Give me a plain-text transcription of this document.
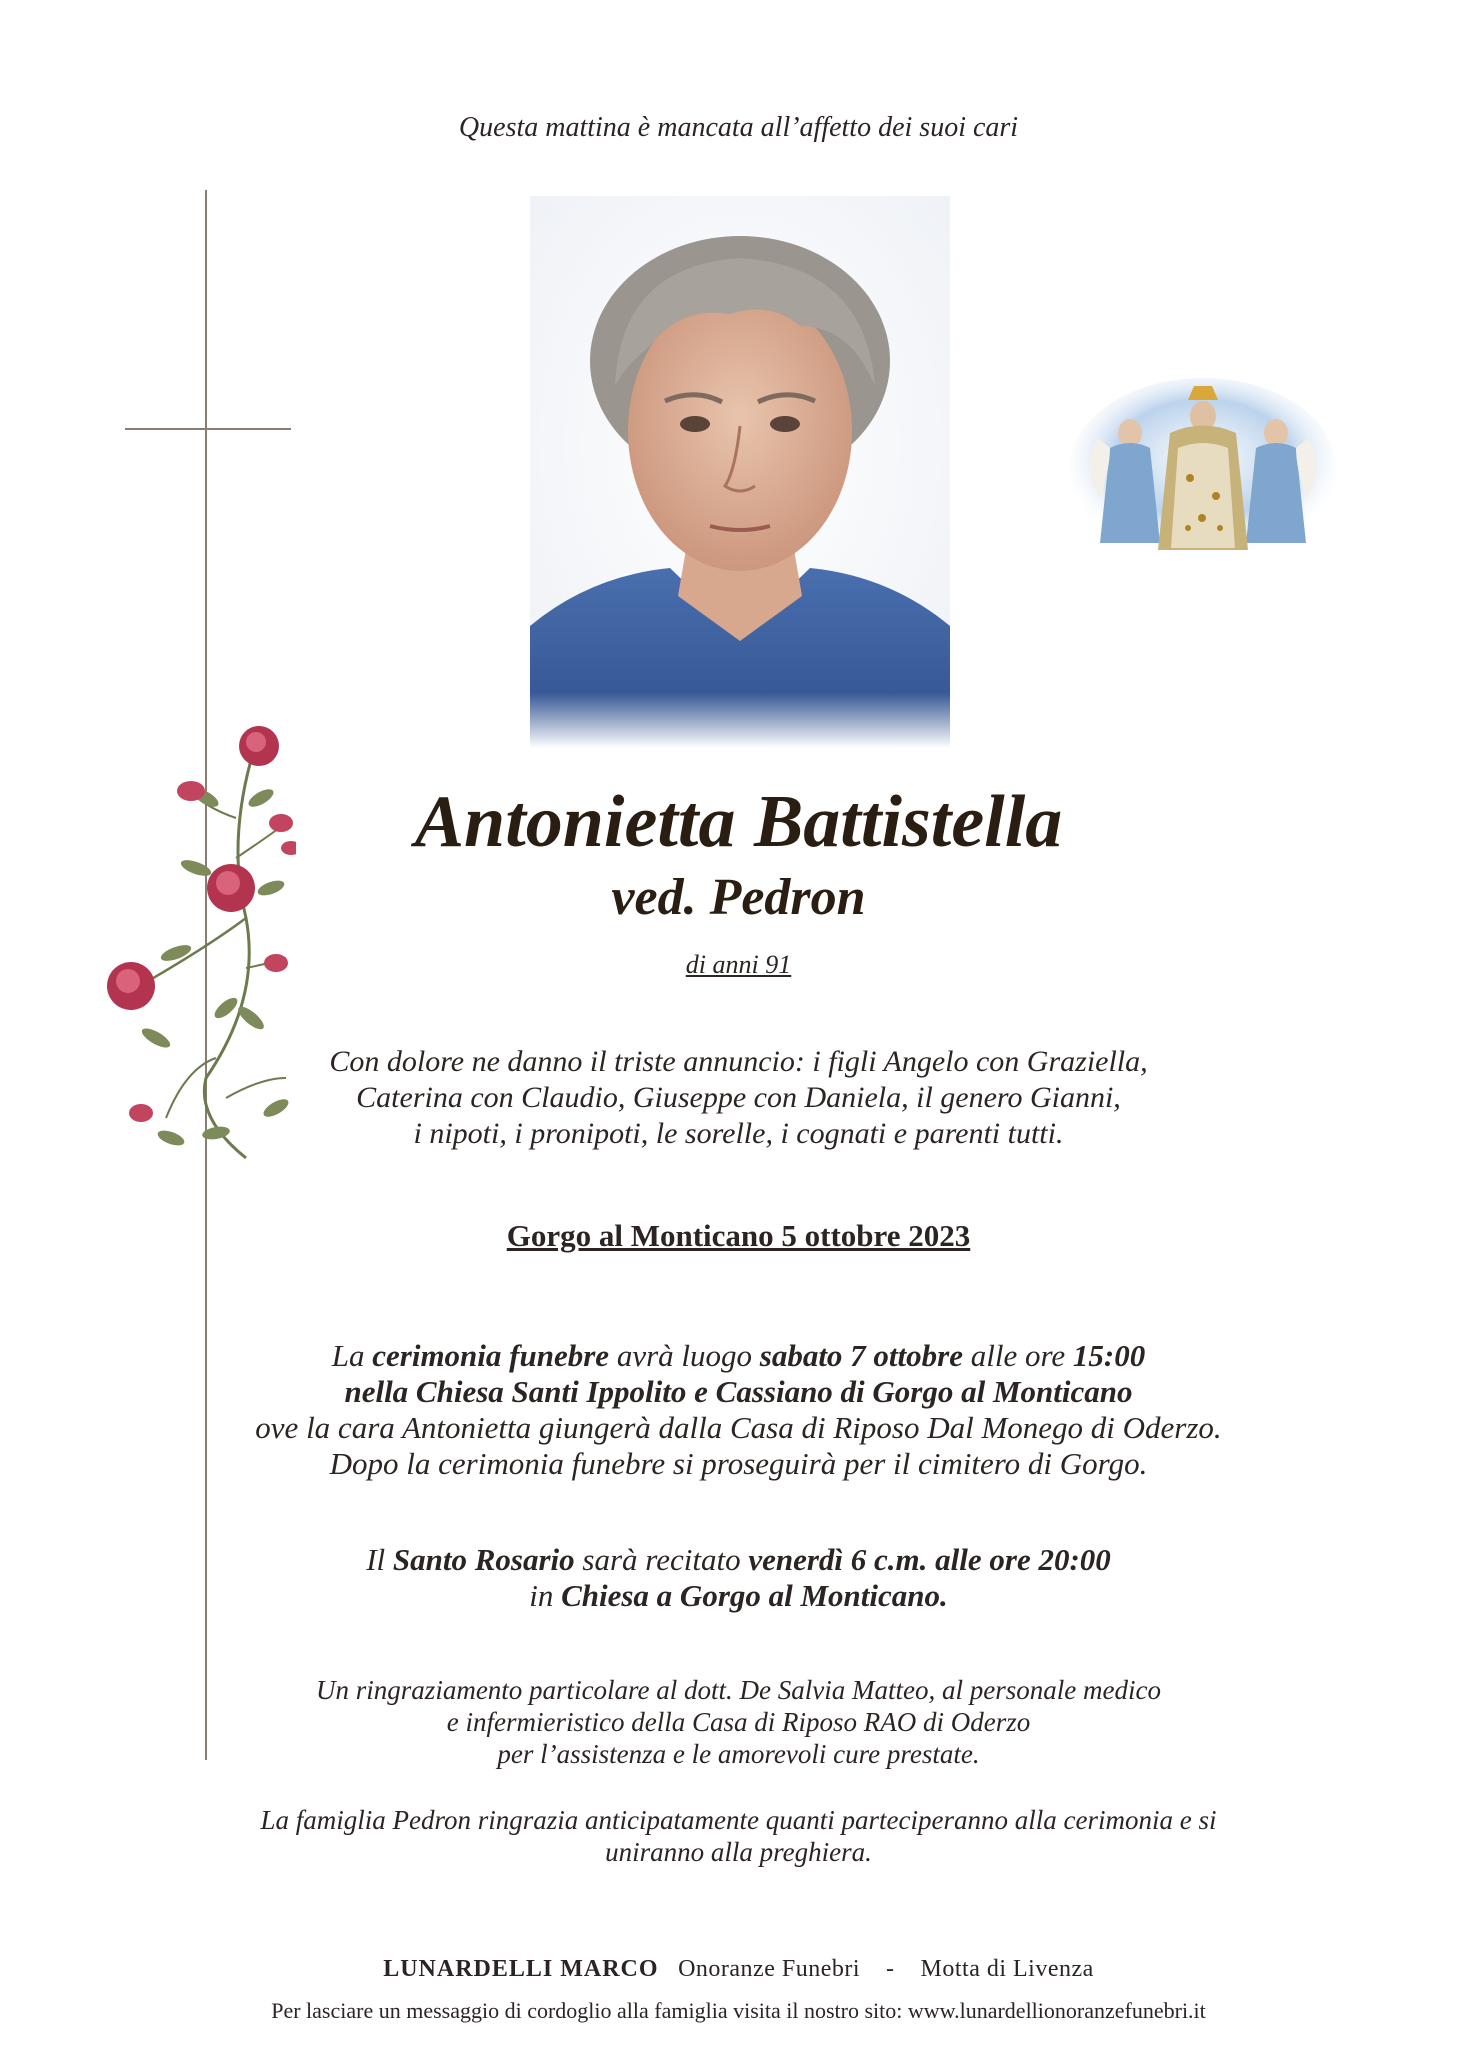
Questa mattina è mancata all’affetto dei suoi cari
Antonietta Battistella
ved. Pedron
di anni 91
Con dolore ne danno il triste annuncio: i figli Angelo con Graziella,
Caterina con Claudio, Giuseppe con Daniela, il genero Gianni,
i nipoti, i pronipoti, le sorelle, i cognati e parenti tutti.
Gorgo al Monticano 5 ottobre 2023
La cerimonia funebre avrà luogo sabato 7 ottobre alle ore 15:00
nella Chiesa Santi Ippolito e Cassiano di Gorgo al Monticano
ove la cara Antonietta giungerà dalla Casa di Riposo Dal Monego di Oderzo.
Dopo la cerimonia funebre si proseguirà per il cimitero di Gorgo.
Il Santo Rosario sarà recitato venerdì 6 c.m. alle ore 20:00
in Chiesa a Gorgo al Monticano.
Un ringraziamento particolare al dott. De Salvia Matteo, al personale medico
e infermieristico della Casa di Riposo RAO di Oderzo
per l’assistenza e le amorevoli cure prestate.
La famiglia Pedron ringrazia anticipatamente quanti parteciperanno alla cerimonia e si
uniranno alla preghiera.
LUNARDELLI MARCO Onoranze Funebri - Motta di Livenza
Per lasciare un messaggio di cordoglio alla famiglia visita il nostro sito: www.lunardellionoranzefunebri.it
